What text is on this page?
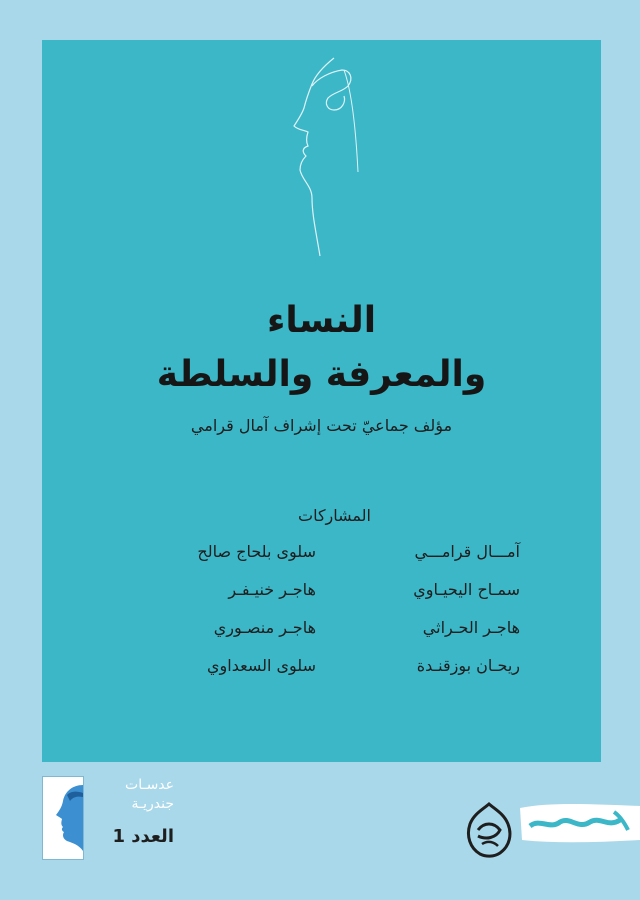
النساء
والمعرفة والسلطة
مؤلف جماعيّ تحت إشراف آمال قرامي
المشاركات
آمـــال قرامـــي
سلوى بلحاج صالح
سمـاح اليحيـاوي
هاجـر خنيـفـر
هاجـر الحـراثي
هاجـر منصـوري
ريحـان بوزقنـدة
سلوى السعداوي
عدسـات
جندريـة
العدد 1
